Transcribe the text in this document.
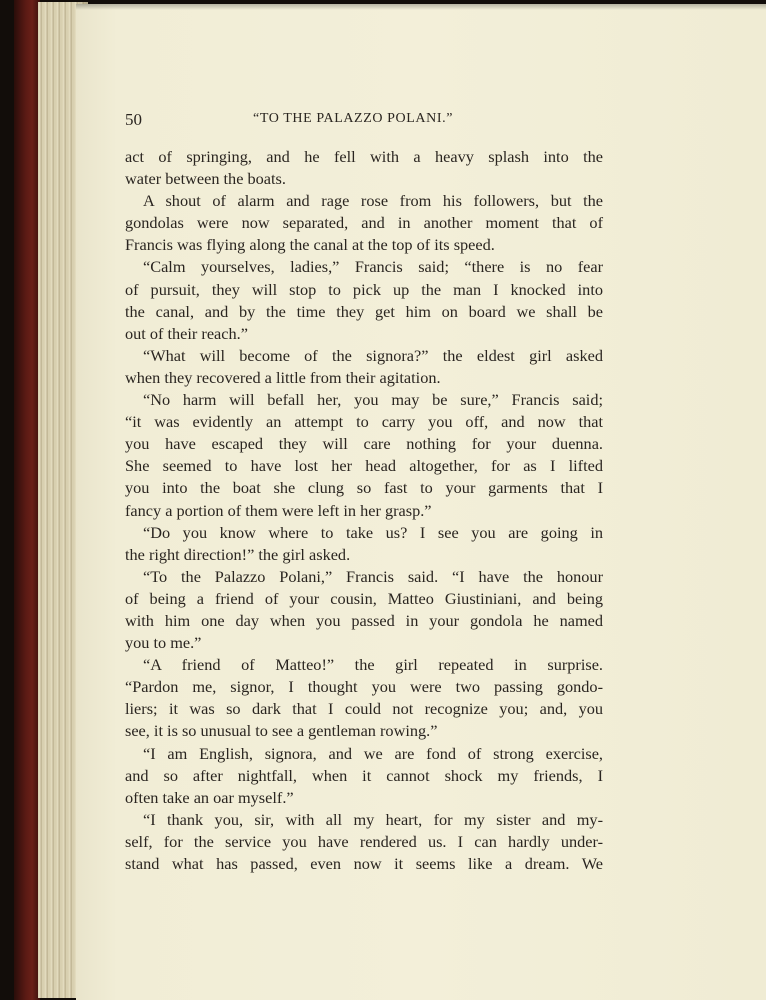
50	“TO THE PALAZZO POLANI.”
act of springing, and he fell with a heavy splash into the
water between the boats.
A shout of alarm and rage rose from his followers, but the
gondolas were now separated, and in another moment that of
Francis was flying along the canal at the top of its speed.
“Calm yourselves, ladies,” Francis said; “there is no fear
of pursuit, they will stop to pick up the man I knocked into
the canal, and by the time they get him on board we shall be
out of their reach.”
“What will become of the signora?” the eldest girl asked
when they recovered a little from their agitation.
“No harm will befall her, you may be sure,” Francis said;
“it was evidently an attempt to carry you off, and now that
you have escaped they will care nothing for your duenna.
She seemed to have lost her head altogether, for as I lifted
you into the boat she clung so fast to your garments that I
fancy a portion of them were left in her grasp.”
“Do you know where to take us? I see you are going in
the right direction!” the girl asked.
“To the Palazzo Polani,” Francis said. “I have the honour
of being a friend of your cousin, Matteo Giustiniani, and being
with him one day when you passed in your gondola he named
you to me.”
“A friend of Matteo!” the girl repeated in surprise.
“Pardon me, signor, I thought you were two passing gondo-
liers; it was so dark that I could not recognize you; and, you
see, it is so unusual to see a gentleman rowing.”
“I am English, signora, and we are fond of strong exercise,
and so after nightfall, when it cannot shock my friends, I
often take an oar myself.”
“I thank you, sir, with all my heart, for my sister and my-
self, for the service you have rendered us. I can hardly under-
stand what has passed, even now it seems like a dream. We
